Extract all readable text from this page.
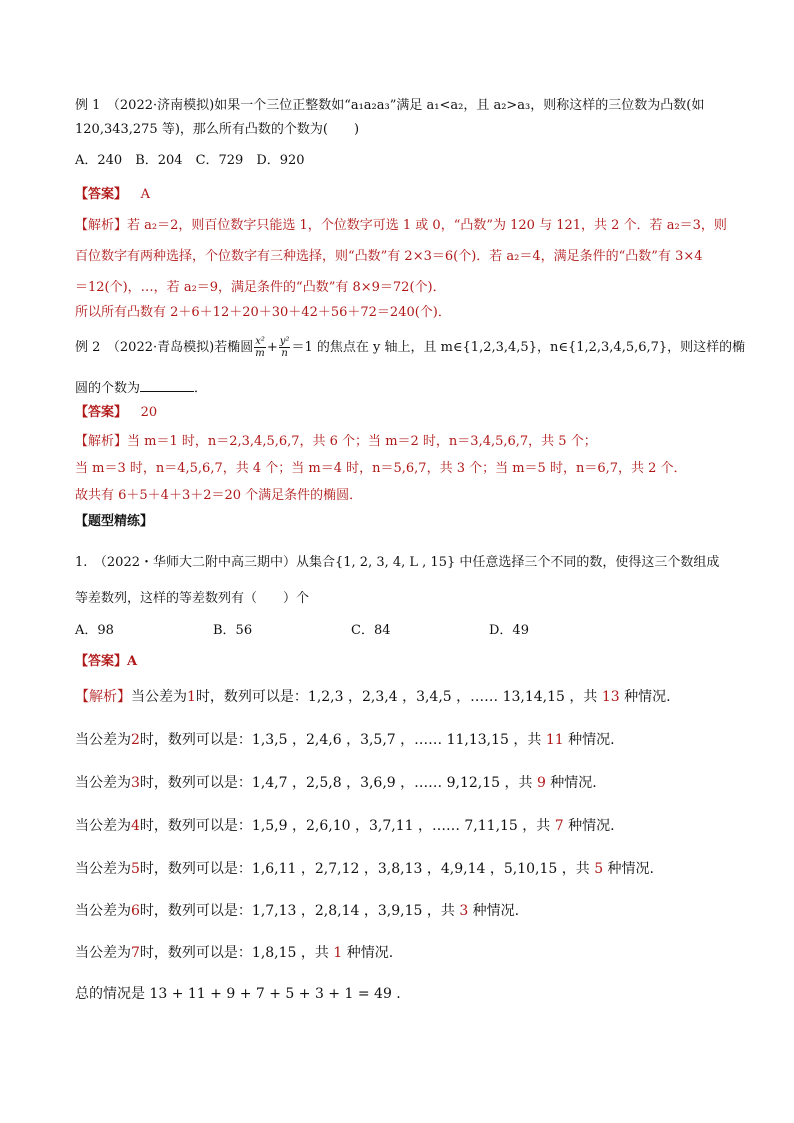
例 1　（2022·济南模拟)如果一个三位正整数如“a₁a₂a₃”满足 a₁<a₂，且 a₂>a₃，则称这样的三位数为凸数(如
120,343,275 等)，那么所有凸数的个数为(　　)
A．240　B．204　C．729　D．920
【答案】 A
【解析】若 a₂＝2，则百位数字只能选 1，个位数字可选 1 或 0，“凸数”为 120 与 121，共 2 个．若 a₂＝3，则
百位数字有两种选择，个位数字有三种选择，则“凸数”有 2×3＝6(个)．若 a₂＝4，满足条件的“凸数”有 3×4
＝12(个)，…，若 a₂＝9，满足条件的“凸数”有 8×9＝72(个)．
所以所有凸数有 2＋6＋12＋20＋30＋42＋56＋72＝240(个)．
例 2　（2022·青岛模拟)若椭圆 $\frac{\text{x²}}{m} + \frac{\text{y²}}{n} =1$ 的焦点在 y 轴上，且 m∈{1,2,3,4,5}，n∈{1,2,3,4,5,6,7}，则这样的椭
圆的个数为	．
【答案】 20
【解析】当 m＝1 时，n＝2,3,4,5,6,7，共 6 个；当 m＝2 时，n＝3,4,5,6,7，共 5 个；
当 m＝3 时，n＝4,5,6,7，共 4 个；当 m＝4 时，n＝5,6,7，共 3 个；当 m＝5 时，n＝6,7，共 2 个．
故共有 6＋5＋4＋3＋2＝20 个满足条件的椭圆．
【题型精练】
1.　（2022・华师大二附中高三期中）从集合{1, 2, 3, 4, L , 15} 中任意选择三个不同的数，使得这三个数组成
等差数列，这样的等差数列有（　　）个
A．98	B．56	C．84	D．49
【答案】A
【解析】当公差为1时，数列可以是：1,2,3 ，2,3,4 ，3,4,5 ，…… 13,14,15 ，共 13 种情况.
当公差为2时，数列可以是：1,3,5 ，2,4,6 ，3,5,7 ，…… 11,13,15 ，共 11 种情况.
当公差为3时，数列可以是：1,4,7 ，2,5,8 ，3,6,9 ，…… 9,12,15 ，共 9 种情况.
当公差为4时，数列可以是：1,5,9 ，2,6,10 ，3,7,11 ，…… 7,11,15 ，共 7 种情况.
当公差为5时，数列可以是：1,6,11 ，2,7,12 ，3,8,13 ，4,9,14 ，5,10,15 ，共 5 种情况.
当公差为6时，数列可以是：1,7,13 ，2,8,14 ，3,9,15 ，共 3 种情况.
当公差为7时，数列可以是：1,8,15 ，共 1 种情况.
总的情况是 13 + 11 + 9 + 7 + 5 + 3 + 1 = 49 .
